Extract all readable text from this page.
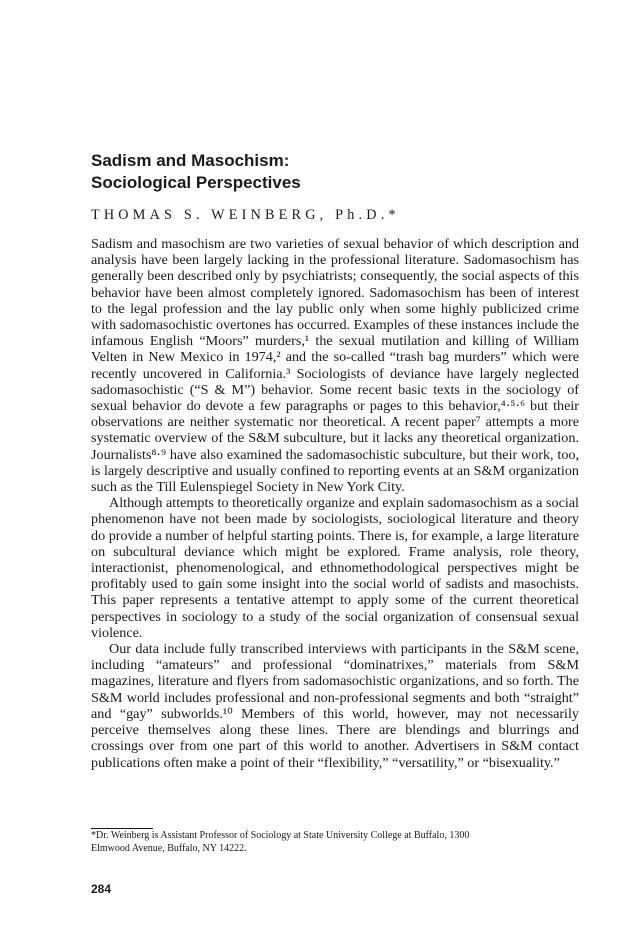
Sadism and Masochism:
Sociological Perspectives
THOMAS S. WEINBERG, Ph.D.*

Sadism and masochism are two varieties of sexual behavior of which description and analysis have been largely lacking in the professional literature. Sadomasochism has generally been described only by psychiatrists; consequently, the social aspects of this behavior have been almost completely ignored. Sadomasochism has been of interest to the legal profession and the lay public only when some highly publicized crime with sadomasochistic overtones has occurred. Examples of these instances include the infamous English “Moors” murders,¹ the sexual mutilation and killing of William Velten in New Mexico in 1974,² and the so-called “trash bag murders” which were recently uncovered in California.³ Sociologists of deviance have largely neglected sadomasochistic (“S & M”) behavior. Some recent basic texts in the sociology of sexual behavior do devote a few paragraphs or pages to this behavior,⁴·⁵·⁶ but their observations are neither systematic nor theoretical. A recent paper⁷ attempts a more systematic overview of the S&M subculture, but it lacks any theoretical organization. Journalists⁸·⁹ have also examined the sadomasochistic subculture, but their work, too, is largely descriptive and usually confined to reporting events at an S&M organization such as the Till Eulenspiegel Society in New York City.

Although attempts to theoretically organize and explain sadomasochism as a social phenomenon have not been made by sociologists, sociological literature and theory do provide a number of helpful starting points. There is, for example, a large literature on subcultural deviance which might be explored. Frame analysis, role theory, interactionist, phenomenological, and ethnomethodological perspectives might be profitably used to gain some insight into the social world of sadists and masochists. This paper represents a tentative attempt to apply some of the current theoretical perspectives in sociology to a study of the social organization of consensual sexual violence.

Our data include fully transcribed interviews with participants in the S&M scene, including “amateurs” and professional “dominatrixes,” materials from S&M magazines, literature and flyers from sadomasochistic organizations, and so forth. The S&M world includes professional and non-professional segments and both “straight” and “gay” subworlds.¹⁰ Members of this world, however, may not necessarily perceive themselves along these lines. There are blendings and blurrings and crossings over from one part of this world to another. Advertisers in S&M contact publications often make a point of their “flexibility,” “versatility,” or “bisexuality.”

*Dr. Weinberg is Assistant Professor of Sociology at State University College at Buffalo, 1300
Elmwood Avenue, Buffalo, NY 14222.
284
